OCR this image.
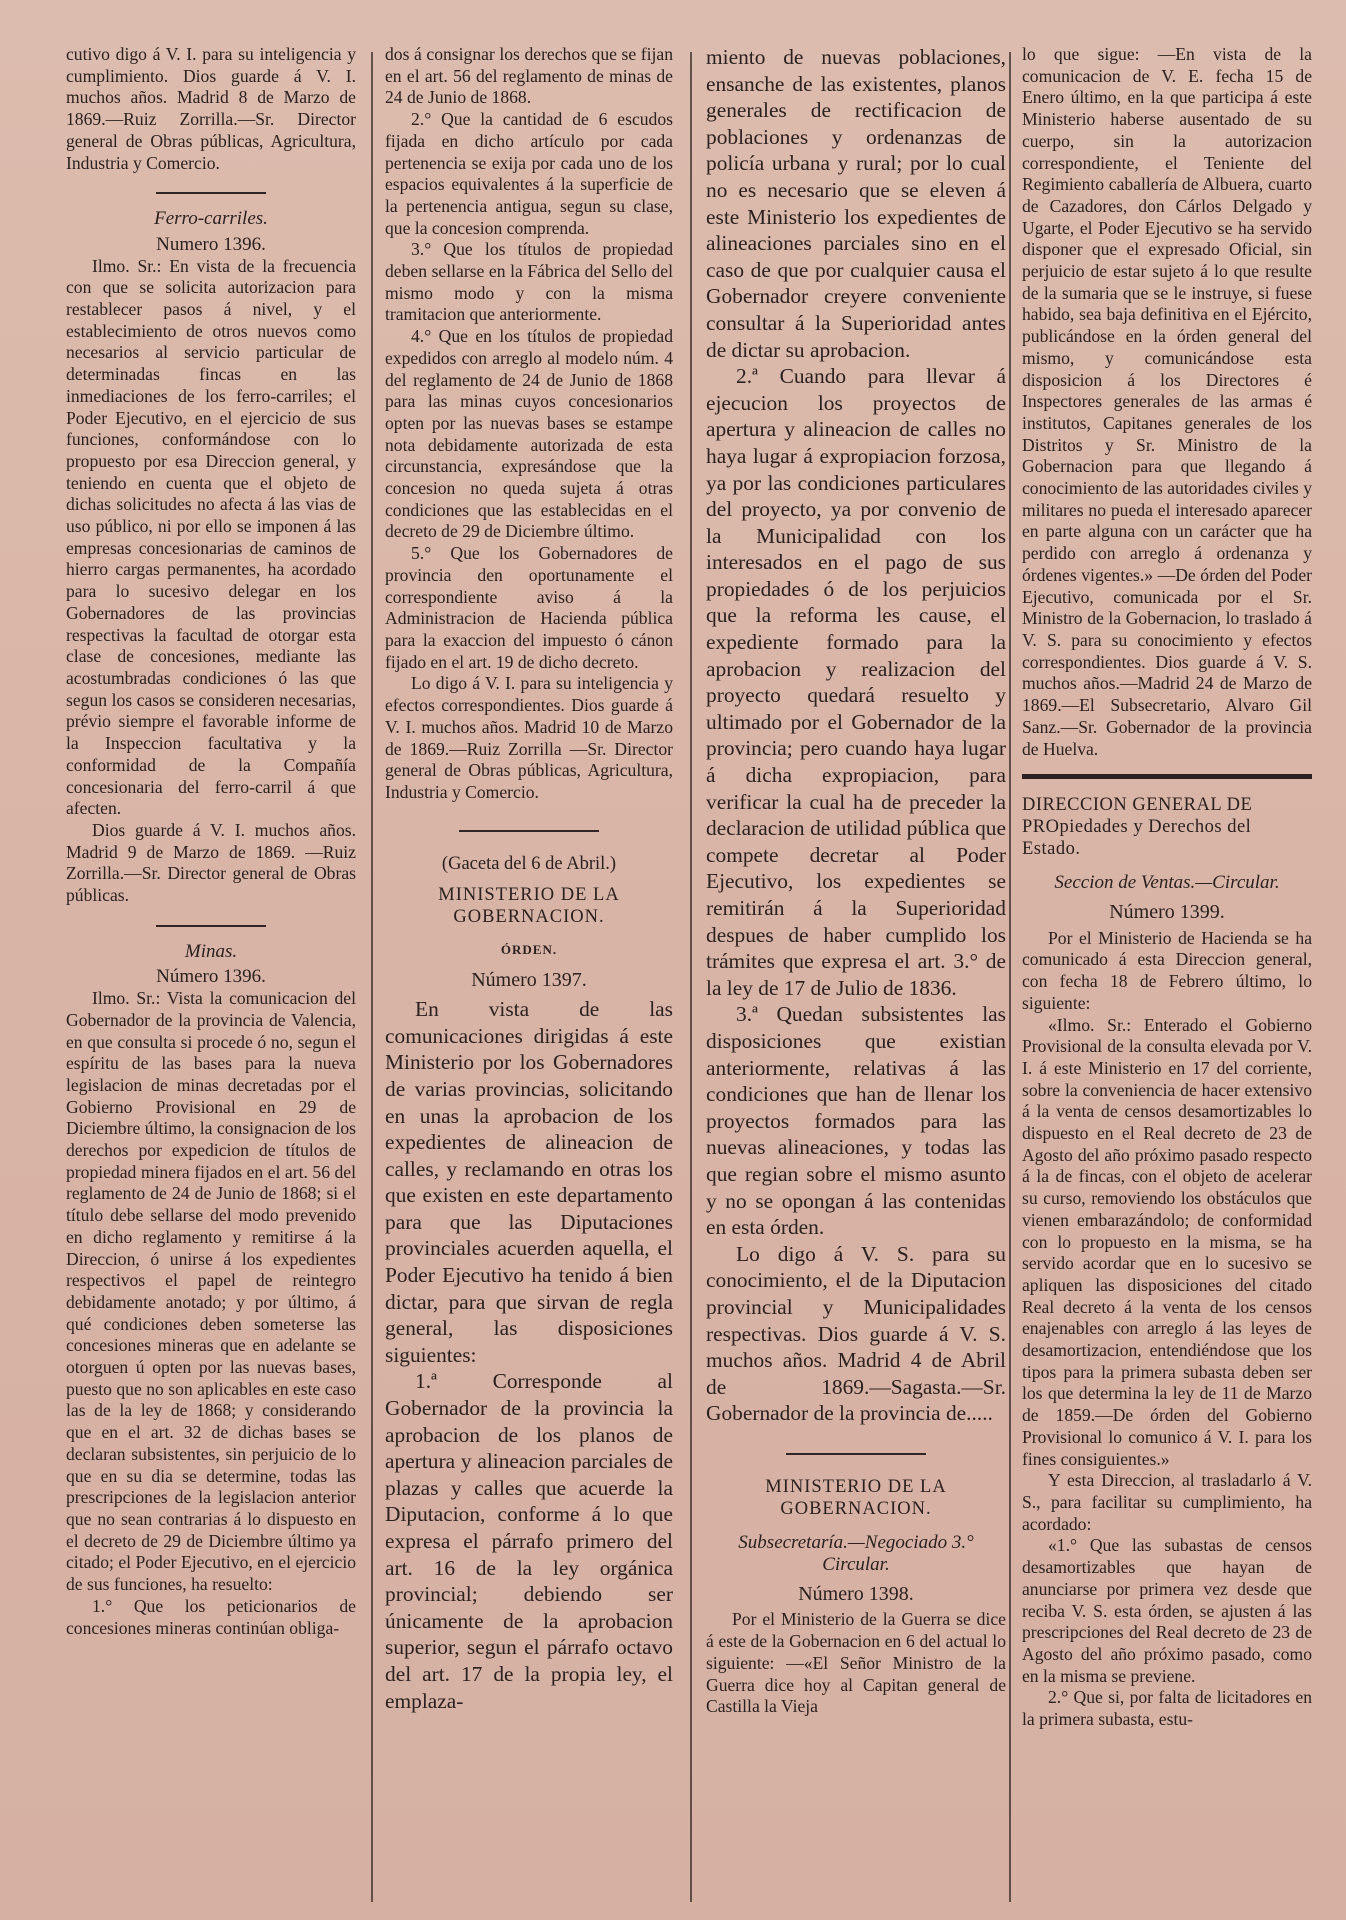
cutivo digo á V. I. para su inteligencia y cumplimiento. Dios guarde á V. I. muchos años. Madrid 8 de Marzo de 1869.—Ruiz Zorrilla.—Sr. Director general de Obras públicas, Agricultura, Industria y Comercio.

Ferro-carriles.

Numero 1396.

Ilmo. Sr.: En vista de la frecuencia con que se solicita autorizacion para restablecer pasos á nivel, y el establecimiento de otros nuevos como necesarios al servicio particular de determinadas fincas en las inmediaciones de los ferro-carriles; el Poder Ejecutivo, en el ejercicio de sus funciones, conformándose con lo propuesto por esa Direccion general, y teniendo en cuenta que el objeto de dichas solicitudes no afecta á las vias de uso público, ni por ello se imponen á las empresas concesionarias de caminos de hierro cargas permanentes, ha acordado para lo sucesivo delegar en los Gobernadores de las provincias respectivas la facultad de otorgar esta clase de concesiones, mediante las acostumbradas condiciones ó las que segun los casos se consideren necesarias, prévio siempre el favorable informe de la Inspeccion facultativa y la conformidad de la Compañía concesionaria del ferro-carril á que afecten.

Dios guarde á V. I. muchos años. Madrid 9 de Marzo de 1869. —Ruiz Zorrilla.—Sr. Director general de Obras públicas.

Minas.

Número 1396.

Ilmo. Sr.: Vista la comunicacion del Gobernador de la provincia de Valencia, en que consulta si procede ó no, segun el espíritu de las bases para la nueva legislacion de minas decretadas por el Gobierno Provisional en 29 de Diciembre último, la consignacion de los derechos por expedicion de títulos de propiedad minera fijados en el art. 56 del reglamento de 24 de Junio de 1868; si el título debe sellarse del modo prevenido en dicho reglamento y remitirse á la Direccion, ó unirse á los expedientes respectivos el papel de reintegro debidamente anotado; y por último, á qué condiciones deben someterse las concesiones mineras que en adelante se otorguen ú opten por las nuevas bases, puesto que no son aplicables en este caso las de la ley de 1868; y considerando que en el art. 32 de dichas bases se declaran subsistentes, sin perjuicio de lo que en su dia se determine, todas las prescripciones de la legislacion anterior que no sean contrarias á lo dispuesto en el decreto de 29 de Diciembre último ya citado; el Poder Ejecutivo, en el ejercicio de sus funciones, ha resuelto:

1.° Que los peticionarios de concesiones mineras continúan obliga-

dos á consignar los derechos que se fijan en el art. 56 del reglamento de minas de 24 de Junio de 1868.

2.° Que la cantidad de 6 escudos fijada en dicho artículo por cada pertenencia se exija por cada uno de los espacios equivalentes á la superficie de la pertenencia antigua, segun su clase, que la concesion comprenda.

3.° Que los títulos de propiedad deben sellarse en la Fábrica del Sello del mismo modo y con la misma tramitacion que anteriormente.

4.° Que en los títulos de propiedad expedidos con arreglo al modelo núm. 4 del reglamento de 24 de Junio de 1868 para las minas cuyos concesionarios opten por las nuevas bases se estampe nota debidamente autorizada de esta circunstancia, expresándose que la concesion no queda sujeta á otras condiciones que las establecidas en el decreto de 29 de Diciembre último.

5.° Que los Gobernadores de provincia den oportunamente el correspondiente aviso á la Administracion de Hacienda pública para la exaccion del impuesto ó cánon fijado en el art. 19 de dicho decreto.

Lo digo á V. I. para su inteligencia y efectos correspondientes. Dios guarde á V. I. muchos años. Madrid 10 de Marzo de 1869.—Ruiz Zorrilla —Sr. Director general de Obras públicas, Agricultura, Industria y Comercio.

(Gaceta del 6 de Abril.)

MINISTERIO DE LA GOBERNACION.

ÓRDEN.

Número 1397.

En vista de las comunicaciones dirigidas á este Ministerio por los Gobernadores de varias provincias, solicitando en unas la aprobacion de los expedientes de alineacion de calles, y reclamando en otras los que existen en este departamento para que las Diputaciones provinciales acuerden aquella, el Poder Ejecutivo ha tenido á bien dictar, para que sirvan de regla general, las disposiciones siguientes:

1.ª Corresponde al Gobernador de la provincia la aprobacion de los planos de apertura y alineacion parciales de plazas y calles que acuerde la Diputacion, conforme á lo que expresa el párrafo primero del art. 16 de la ley orgánica provincial; debiendo ser únicamente de la aprobacion superior, segun el párrafo octavo del art. 17 de la propia ley, el emplaza-

miento de nuevas poblaciones, ensanche de las existentes, planos generales de rectificacion de poblaciones y ordenanzas de policía urbana y rural; por lo cual no es necesario que se eleven á este Ministerio los expedientes de alineaciones parciales sino en el caso de que por cualquier causa el Gobernador creyere conveniente consultar á la Superioridad antes de dictar su aprobacion.

2.ª Cuando para llevar á ejecucion los proyectos de apertura y alineacion de calles no haya lugar á expropiacion forzosa, ya por las condiciones particulares del proyecto, ya por convenio de la Municipalidad con los interesados en el pago de sus propiedades ó de los perjuicios que la reforma les cause, el expediente formado para la aprobacion y realizacion del proyecto quedará resuelto y ultimado por el Gobernador de la provincia; pero cuando haya lugar á dicha expropiacion, para verificar la cual ha de preceder la declaracion de utilidad pública que compete decretar al Poder Ejecutivo, los expedientes se remitirán á la Superioridad despues de haber cumplido los trámites que expresa el art. 3.° de la ley de 17 de Julio de 1836.

3.ª Quedan subsistentes las disposiciones que existian anteriormente, relativas á las condiciones que han de llenar los proyectos formados para las nuevas alineaciones, y todas las que regian sobre el mismo asunto y no se opongan á las contenidas en esta órden.

Lo digo á V. S. para su conocimiento, el de la Diputacion provincial y Municipalidades respectivas. Dios guarde á V. S. muchos años. Madrid 4 de Abril de 1869.—Sagasta.—Sr. Gobernador de la provincia de.....

MINISTERIO DE LA GOBERNACION.

Subsecretaría.—Negociado 3.° Circular.

Número 1398.

Por el Ministerio de la Guerra se dice á este de la Gobernacion en 6 del actual lo siguiente: —«El Señor Ministro de la Guerra dice hoy al Capitan general de Castilla la Vieja

lo que sigue: —En vista de la comunicacion de V. E. fecha 15 de Enero último, en la que participa á este Ministerio haberse ausentado de su cuerpo, sin la autorizacion correspondiente, el Teniente del Regimiento caballería de Albuera, cuarto de Cazadores, don Cárlos Delgado y Ugarte, el Poder Ejecutivo se ha servido disponer que el expresado Oficial, sin perjuicio de estar sujeto á lo que resulte de la sumaria que se le instruye, si fuese habido, sea baja definitiva en el Ejército, publicándose en la órden general del mismo, y comunicándose esta disposicion á los Directores é Inspectores generales de las armas é institutos, Capitanes generales de los Distritos y Sr. Ministro de la Gobernacion para que llegando á conocimiento de las autoridades civiles y militares no pueda el interesado aparecer en parte alguna con un carácter que ha perdido con arreglo á ordenanza y órdenes vigentes.» —De órden del Poder Ejecutivo, comunicada por el Sr. Ministro de la Gobernacion, lo traslado á V. S. para su conocimiento y efectos correspondientes. Dios guarde á V. S. muchos años.—Madrid 24 de Marzo de 1869.—El Subsecretario, Alvaro Gil Sanz.—Sr. Gobernador de la provincia de Huelva.

DIRECCION GENERAL DE PROpiedades y Derechos del Estado.

Seccion de Ventas.—Circular.

Número 1399.

Por el Ministerio de Hacienda se ha comunicado á esta Direccion general, con fecha 18 de Febrero último, lo siguiente:

«Ilmo. Sr.: Enterado el Gobierno Provisional de la consulta elevada por V. I. á este Ministerio en 17 del corriente, sobre la conveniencia de hacer extensivo á la venta de censos desamortizables lo dispuesto en el Real decreto de 23 de Agosto del año próximo pasado respecto á la de fincas, con el objeto de acelerar su curso, removiendo los obstáculos que vienen embarazándolo; de conformidad con lo propuesto en la misma, se ha servido acordar que en lo sucesivo se apliquen las disposiciones del citado Real decreto á la venta de los censos enajenables con arreglo á las leyes de desamortizacion, entendiéndose que los tipos para la primera subasta deben ser los que determina la ley de 11 de Marzo de 1859.—De órden del Gobierno Provisional lo comunico á V. I. para los fines consiguientes.»

Y esta Direccion, al trasladarlo á V. S., para facilitar su cumplimiento, ha acordado:

«1.° Que las subastas de censos desamortizables que hayan de anunciarse por primera vez desde que reciba V. S. esta órden, se ajusten á las prescripciones del Real decreto de 23 de Agosto del año próximo pasado, como en la misma se previene.

2.° Que si, por falta de licitadores en la primera subasta, estu-
